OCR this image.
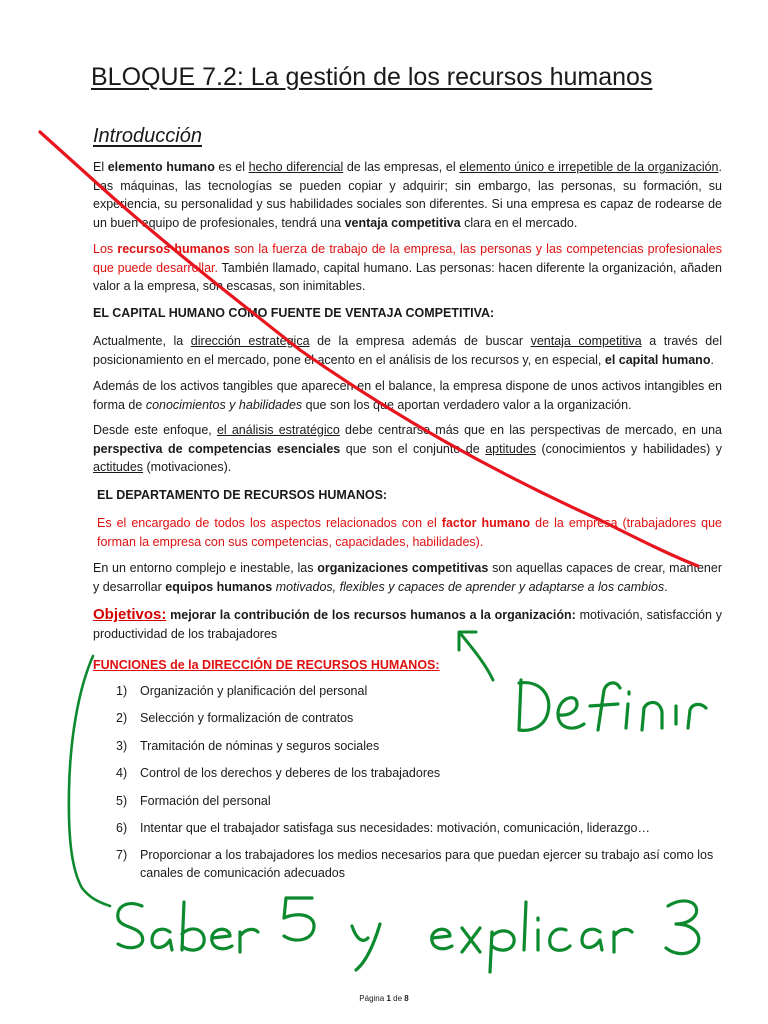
BLOQUE 7.2: La gestión de los recursos humanos
Introducción

El elemento humano es el hecho diferencial de las empresas, el elemento único e irrepetible de la organización. Las máquinas, las tecnologías se pueden copiar y adquirir; sin embargo, las personas, su formación, su experiencia, su personalidad y sus habilidades sociales son diferentes. Si una empresa es capaz de rodearse de un buen equipo de profesionales, tendrá una ventaja competitiva clara en el mercado.

Los recursos humanos son la fuerza de trabajo de la empresa, las personas y las competencias profesionales que puede desarrollar. También llamado, capital humano. Las personas: hacen diferente la organización, añaden valor a la empresa, son escasas, son inimitables.

EL CAPITAL HUMANO COMO FUENTE DE VENTAJA COMPETITIVA:

Actualmente, la dirección estratégica de la empresa además de buscar ventaja competitiva a través del posicionamiento en el mercado, pone el acento en el análisis de los recursos y, en especial, el capital humano.

Además de los activos tangibles que aparecen en el balance, la empresa dispone de unos activos intangibles en forma de conocimientos y habilidades que son los que aportan verdadero valor a la organización.

Desde este enfoque, el análisis estratégico debe centrarse más que en las perspectivas de mercado, en una perspectiva de competencias esenciales que son el conjunto de aptitudes (conocimientos y habilidades) y actitudes (motivaciones).

EL DEPARTAMENTO DE RECURSOS HUMANOS:

Es el encargado de todos los aspectos relacionados con el factor humano de la empresa (trabajadores que forman la empresa con sus competencias, capacidades, habilidades).

En un entorno complejo e inestable, las organizaciones competitivas son aquellas capaces de crear, mantener y desarrollar equipos humanos motivados, flexibles y capaces de aprender y adaptarse a los cambios.

Objetivos: mejorar la contribución de los recursos humanos a la organización: motivación, satisfacción y productividad de los trabajadores

FUNCIONES de la DIRECCIÓN DE RECURSOS HUMANOS:

1) Organización y planificación del personal
2) Selección y formalización de contratos
3) Tramitación de nóminas y seguros sociales
4) Control de los derechos y deberes de los trabajadores
5) Formación del personal
6) Intentar que el trabajador satisfaga sus necesidades: motivación, comunicación, liderazgo…
7) Proporcionar a los trabajadores los medios necesarios para que puedan ejercer su trabajo así como los canales de comunicación adecuados
Página 1 de 8
